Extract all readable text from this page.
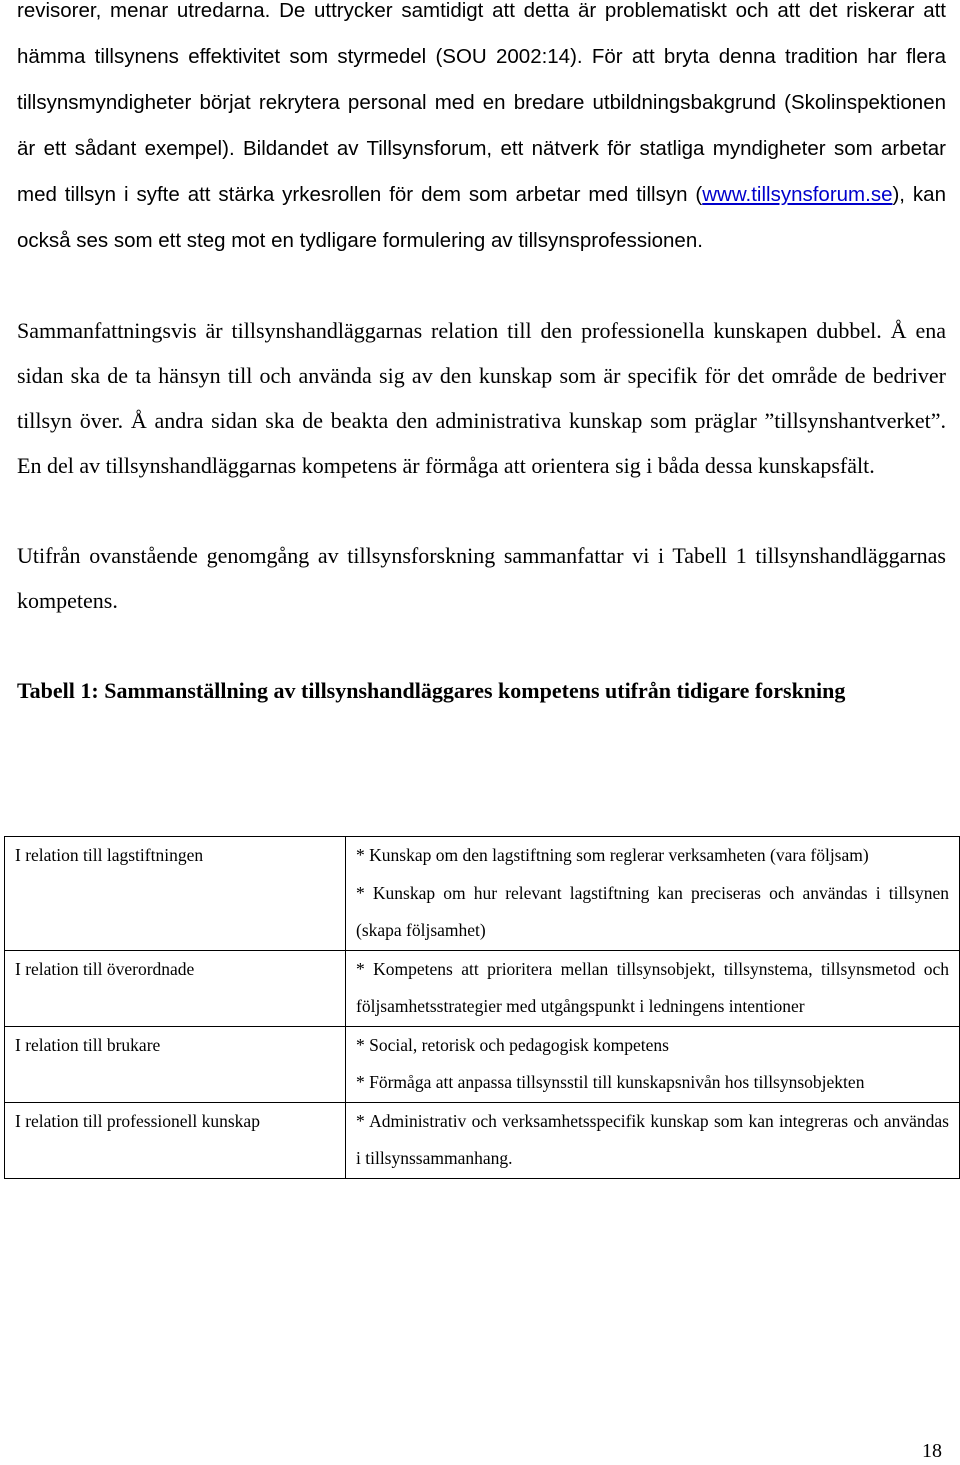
revisorer, menar utredarna. De uttrycker samtidigt att detta är problematiskt och att det riskerar att hämma tillsynens effektivitet som styrmedel (SOU 2002:14). För att bryta denna tradition har flera tillsynsmyndigheter börjat rekrytera personal med en bredare utbildningsbakgrund (Skolinspektionen är ett sådant exempel). Bildandet av Tillsynsforum, ett nätverk för statliga myndigheter som arbetar med tillsyn i syfte att stärka yrkesrollen för dem som arbetar med tillsyn (www.tillsynsforum.se), kan också ses som ett steg mot en tydligare formulering av tillsynsprofessionen.

Sammanfattningsvis är tillsynshandläggarnas relation till den professionella kunskapen dubbel. Å ena sidan ska de ta hänsyn till och använda sig av den kunskap som är specifik för det område de bedriver tillsyn över. Å andra sidan ska de beakta den administrativa kunskap som präglar ”tillsynshantverket”. En del av tillsynshandläggarnas kompetens är förmåga att orientera sig i båda dessa kunskapsfält.

Utifrån ovanstående genomgång av tillsynsforskning sammanfattar vi i Tabell 1 tillsynshandläggarnas kompetens.

Tabell 1: Sammanställning av tillsynshandläggares kompetens utifrån tidigare forskning

I relation till lagstiftningen	* Kunskap om den lagstiftning som reglerar verksamheten (vara följsam)
* Kunskap om hur relevant lagstiftning kan preciseras och användas i tillsynen (skapa följsamhet)

I relation till överordnade	* Kompetens att prioritera mellan tillsynsobjekt, tillsynstema, tillsynsmetod och följsamhetsstrategier med utgångspunkt i ledningens intentioner

I relation till brukare	* Social, retorisk och pedagogisk kompetens
* Förmåga att anpassa tillsynsstil till kunskapsnivån hos tillsynsobjekten

I relation till professionell kunskap	* Administrativ och verksamhetsspecifik kunskap som kan integreras och användas i tillsynssammanhang.
18
